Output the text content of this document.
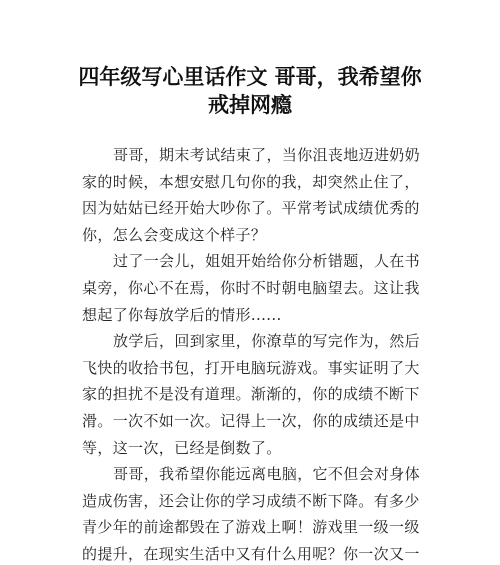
四年级写心里话作文 哥哥，我希望你
戒掉网瘾

哥哥，期末考试结束了，当你沮丧地迈进奶奶
家的时候，本想安慰几句你的我，却突然止住了，
因为姑姑已经开始大吵你了。平常考试成绩优秀的
你，怎么会变成这个样子？

过了一会儿，姐姐开始给你分析错题，人在书
桌旁，你心不在焉，你时不时朝电脑望去。这让我
想起了你每放学后的情形......

放学后，回到家里，你潦草的写完作为，然后
飞快的收拾书包，打开电脑玩游戏。事实证明了大
家的担扰不是没有道理。渐渐的，你的成绩不断下
滑。一次不如一次。记得上一次，你的成绩还是中
等，这一次，已经是倒数了。

哥哥，我希望你能远离电脑，它不但会对身体
造成伤害，还会让你的学习成绩不断下降。有多少
青少年的前途都毁在了游戏上啊！游戏里一级一级
的提升，在现实生活中又有什么用呢？你一次又一
